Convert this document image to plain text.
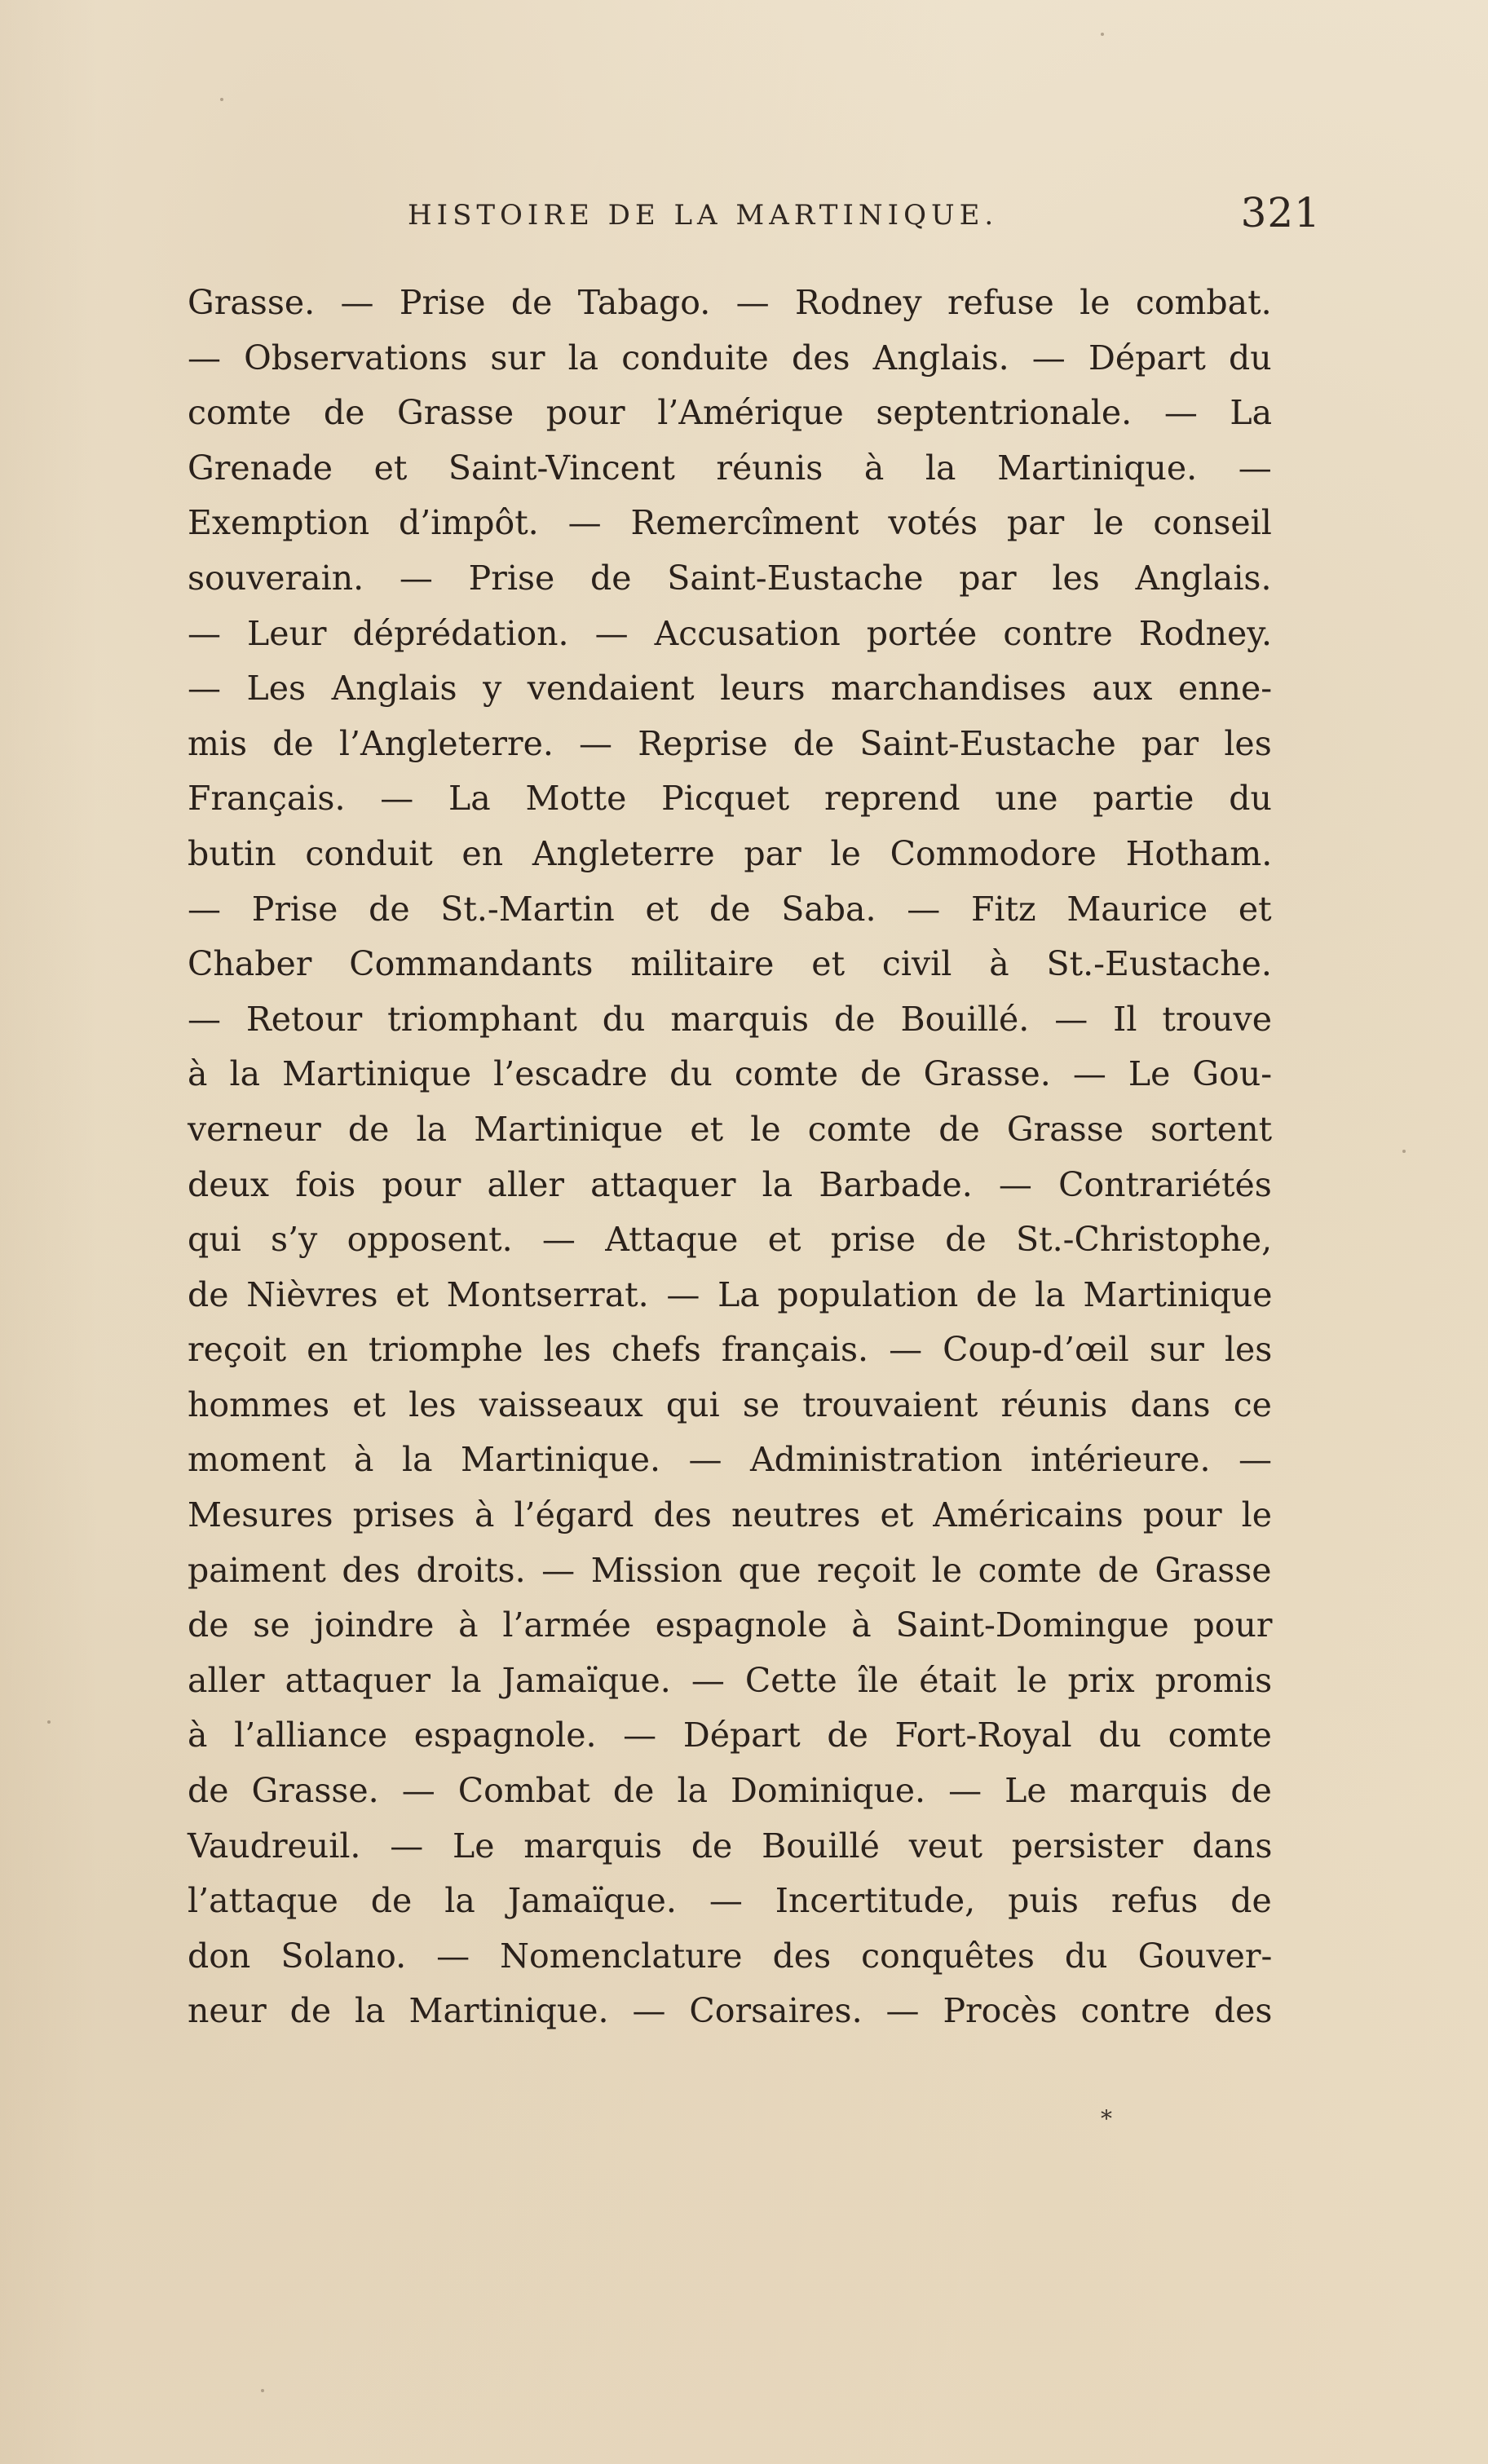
HISTOIRE DE LA MARTINIQUE.	321
Grasse. — Prise de Tabago. — Rodney refuse le combat.
— Observations sur la conduite des Anglais. — Départ du
comte de Grasse pour l’Amérique septentrionale. — La
Grenade et Saint-Vincent réunis à la Martinique. —
Exemption d’impôt. — Remercîment votés par le conseil
souverain. — Prise de Saint-Eustache par les Anglais.
— Leur déprédation. — Accusation portée contre Rodney.
— Les Anglais y vendaient leurs marchandises aux enne-
mis de l’Angleterre. — Reprise de Saint-Eustache par les
Français. — La Motte Picquet reprend une partie du
butin conduit en Angleterre par le Commodore Hotham.
— Prise de St.-Martin et de Saba. — Fitz Maurice et
Chaber Commandants militaire et civil à St.-Eustache.
— Retour triomphant du marquis de Bouillé. — Il trouve
à la Martinique l’escadre du comte de Grasse. — Le Gou-
verneur de la Martinique et le comte de Grasse sortent
deux fois pour aller attaquer la Barbade. — Contrariétés
qui s’y opposent. — Attaque et prise de St.-Christophe,
de Nièvres et Montserrat. — La population de la Martinique
reçoit en triomphe les chefs français. — Coup-d’œil sur les
hommes et les vaisseaux qui se trouvaient réunis dans ce
moment à la Martinique. — Administration intérieure. —
Mesures prises à l’égard des neutres et Américains pour le
paiment des droits. — Mission que reçoit le comte de Grasse
de se joindre à l’armée espagnole à Saint-Domingue pour
aller attaquer la Jamaïque. — Cette île était le prix promis
à l’alliance espagnole. — Départ de Fort-Royal du comte
de Grasse. — Combat de la Dominique. — Le marquis de
Vaudreuil. — Le marquis de Bouillé veut persister dans
l’attaque de la Jamaïque. — Incertitude, puis refus de
don Solano. — Nomenclature des conquêtes du Gouver-
neur de la Martinique. — Corsaires. — Procès contre des
*
